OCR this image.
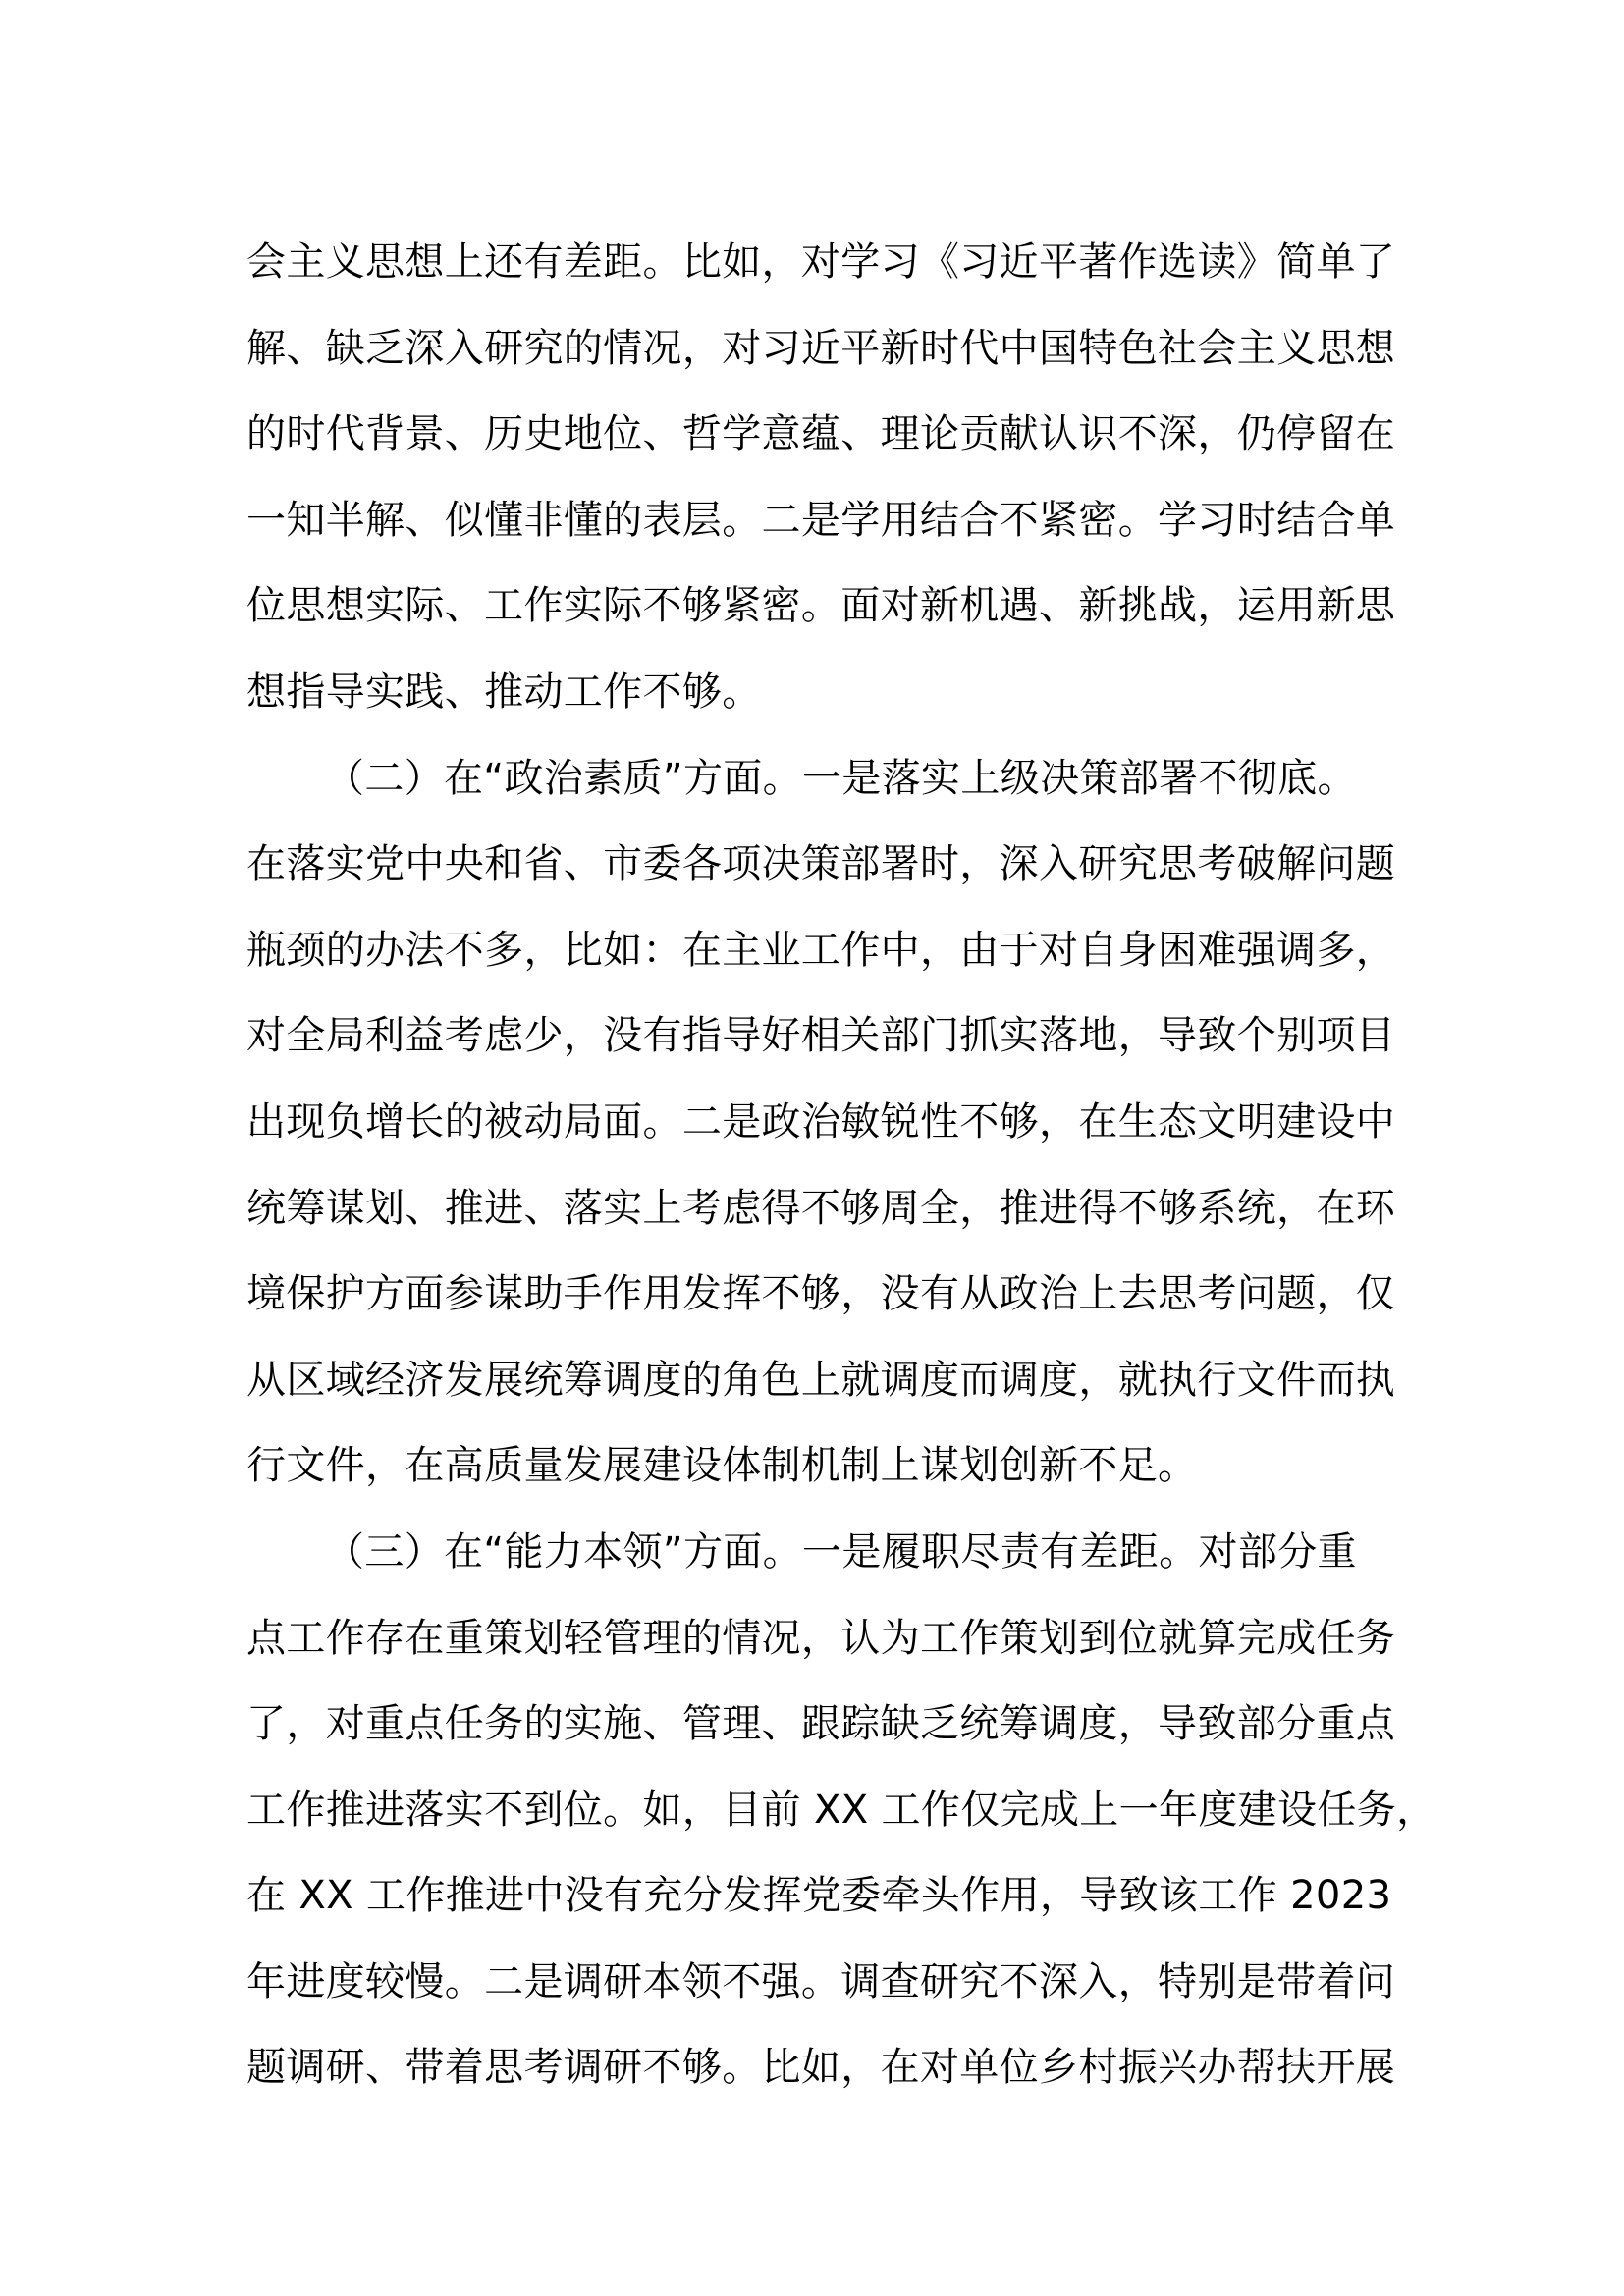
会主义思想上还有差距。比如，对学习《习近平著作选读》简单了
解、缺乏深入研究的情况，对习近平新时代中国特色社会主义思想
的时代背景、历史地位、哲学意蕴、理论贡献认识不深，仍停留在
一知半解、似懂非懂的表层。二是学用结合不紧密。学习时结合单
位思想实际、工作实际不够紧密。面对新机遇、新挑战，运用新思
想指导实践、推动工作不够。
（二）在“政治素质”方面。一是落实上级决策部署不彻底。
在落实党中央和省、市委各项决策部署时，深入研究思考破解问题
瓶颈的办法不多，比如：在主业工作中，由于对自身困难强调多，
对全局利益考虑少，没有指导好相关部门抓实落地，导致个别项目
出现负增长的被动局面。二是政治敏锐性不够，在生态文明建设中
统筹谋划、推进、落实上考虑得不够周全，推进得不够系统，在环
境保护方面参谋助手作用发挥不够，没有从政治上去思考问题，仅
从区域经济发展统筹调度的角色上就调度而调度，就执行文件而执
行文件，在高质量发展建设体制机制上谋划创新不足。
（三）在“能力本领”方面。一是履职尽责有差距。对部分重
点工作存在重策划轻管理的情况，认为工作策划到位就算完成任务
了，对重点任务的实施、管理、跟踪缺乏统筹调度，导致部分重点
工作推进落实不到位。如，目前 XX 工作仅完成上一年度建设任务，
在 XX 工作推进中没有充分发挥党委牵头作用，导致该工作 2023
年进度较慢。二是调研本领不强。调查研究不深入，特别是带着问
题调研、带着思考调研不够。比如，在对单位乡村振兴办帮扶开展
